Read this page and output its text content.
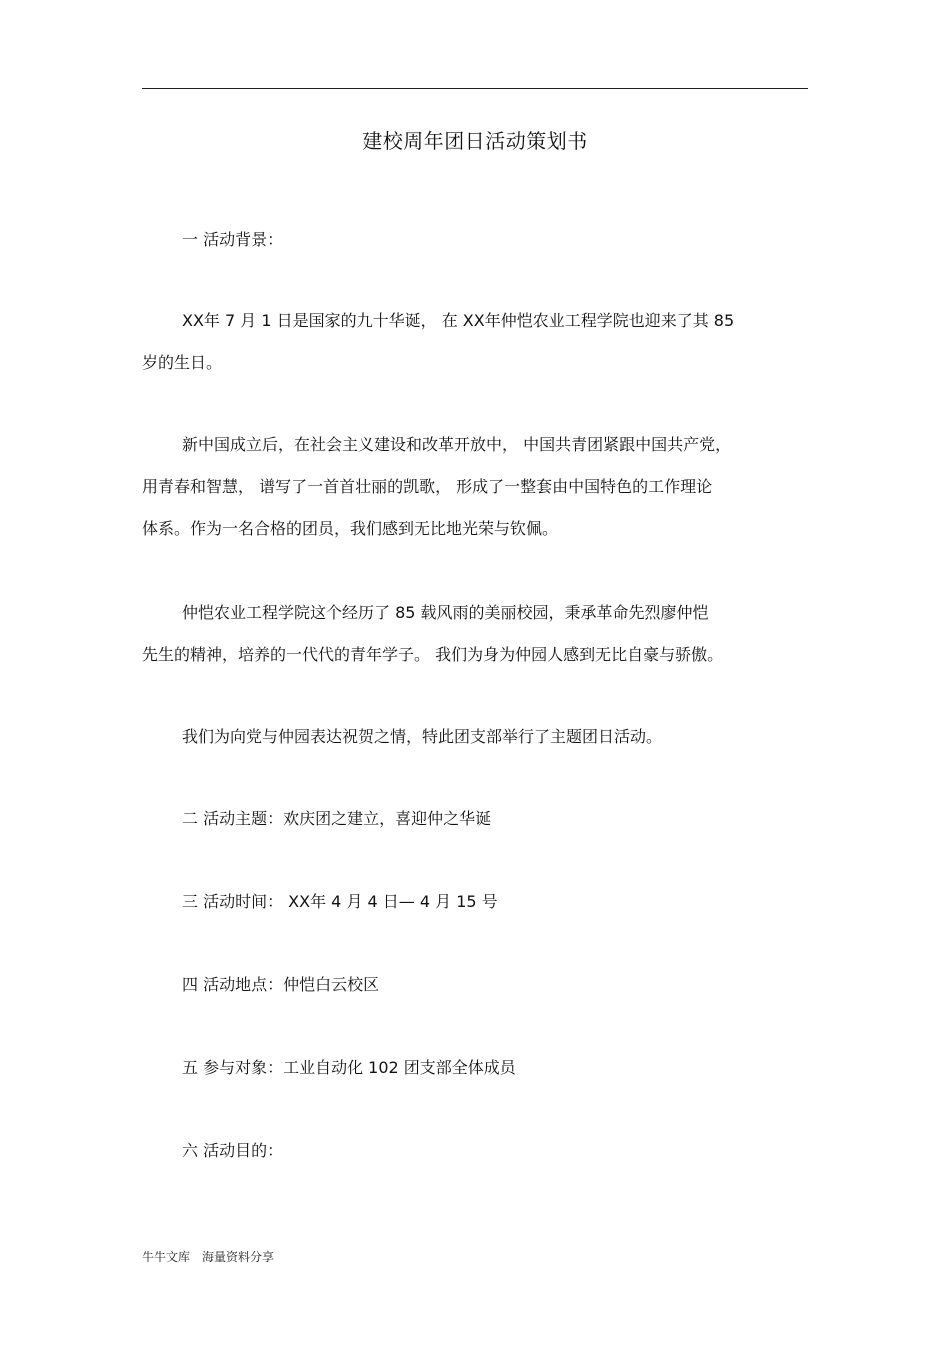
建校周年团日活动策划书
一 活动背景：
XX年 7 月 1 日是国家的九十华诞， 在 XX年仲恺农业工程学院也迎来了其 85
岁的生日。
新中国成立后，在社会主义建设和改革开放中， 中国共青团紧跟中国共产党，
用青春和智慧， 谱写了一首首壮丽的凯歌， 形成了一整套由中国特色的工作理论
体系。作为一名合格的团员，我们感到无比地光荣与钦佩。
仲恺农业工程学院这个经历了 85 载风雨的美丽校园，秉承革命先烈廖仲恺
先生的精神，培养的一代代的青年学子。 我们为身为仲园人感到无比自豪与骄傲。
我们为向党与仲园表达祝贺之情，特此团支部举行了主题团日活动。
二 活动主题：欢庆团之建立，喜迎仲之华诞
三 活动时间： XX年 4 月 4 日— 4 月 15 号
四 活动地点：仲恺白云校区
五 参与对象：工业自动化 102 团支部全体成员
六 活动目的：
牛牛文库 海量资料分享
